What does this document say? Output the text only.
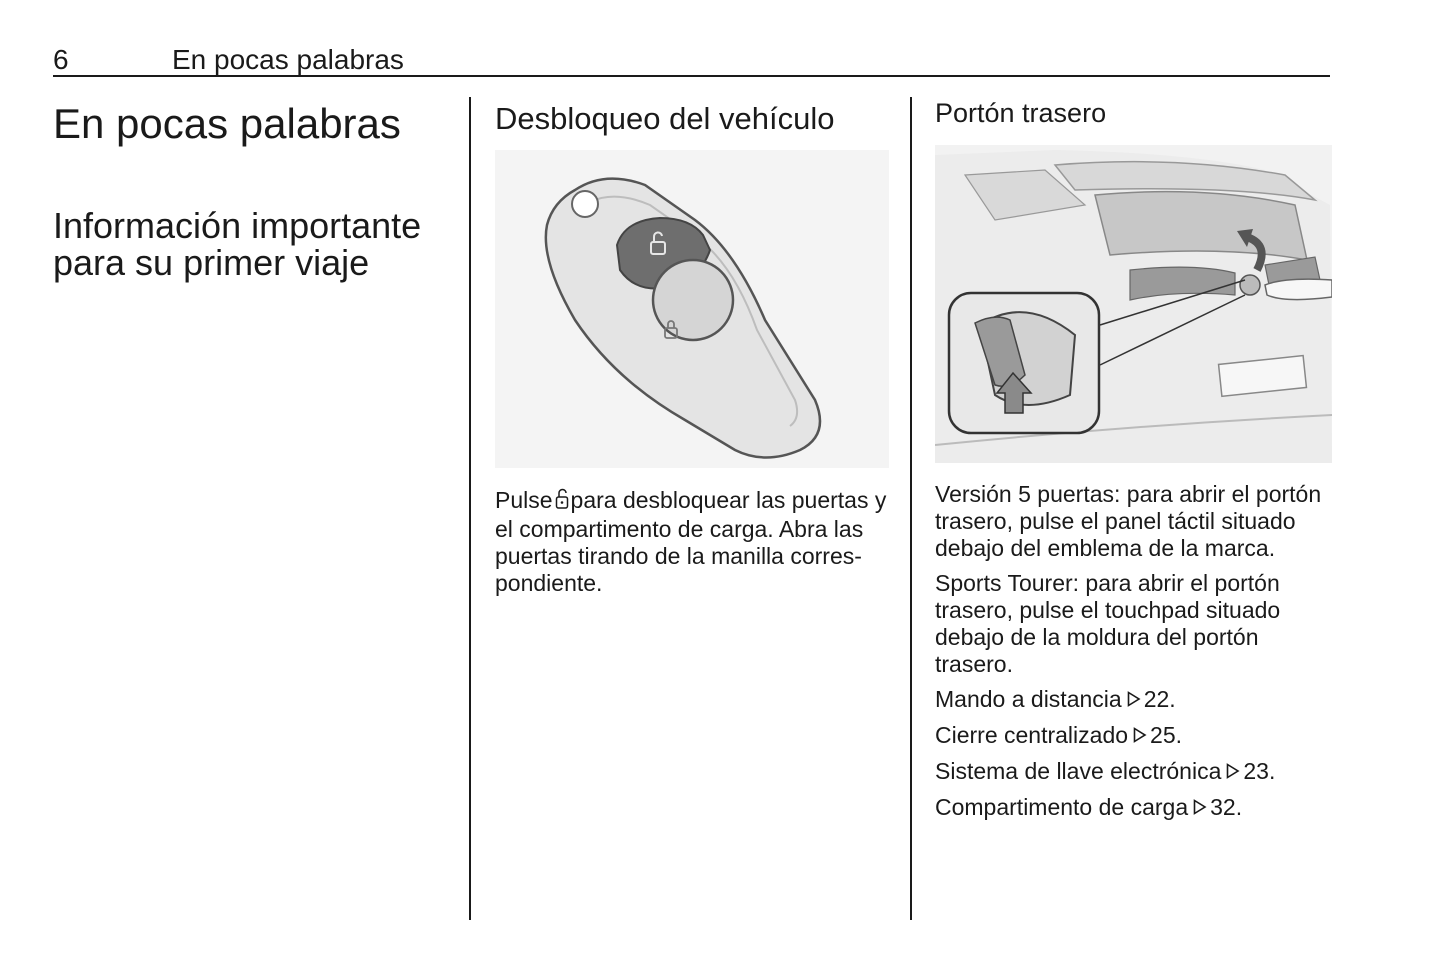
6	En pocas palabras
En pocas palabras
Información importante para su primer viaje
Desbloqueo del vehículo
Pulse para desbloquear las puertas y el compartimento de carga. Abra las puertas tirando de la manilla correspondiente.
Portón trasero

Versión 5 puertas: para abrir el portón trasero, pulse el panel táctil situado debajo del emblema de la marca.

Sports Tourer: para abrir el portón trasero, pulse el touchpad situado debajo de la moldura del portón trasero.

Mando a distancia 22.

Cierre centralizado 25.

Sistema de llave electrónica 23.

Compartimento de carga 32.
